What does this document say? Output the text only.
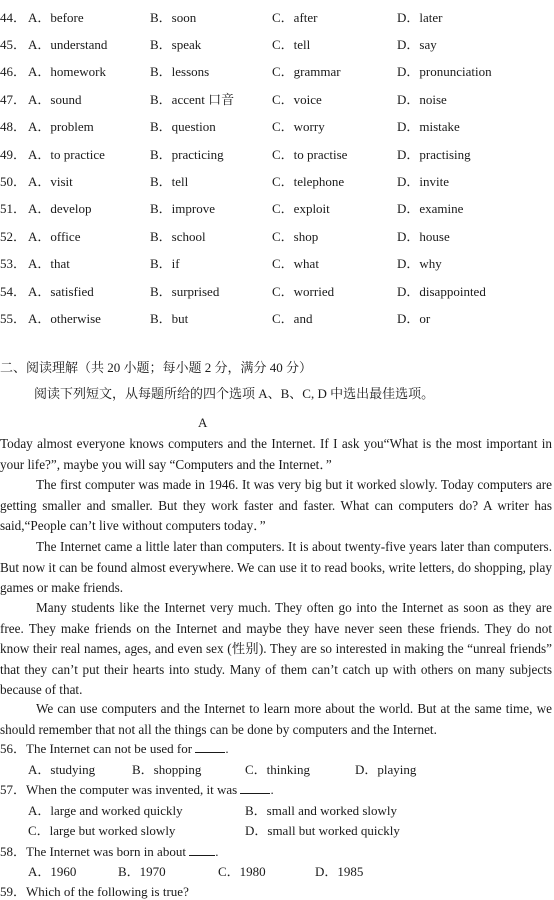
44． A．before	B．soon	C．after	D．later
45． A．understand	B．speak	C．tell	D．say
46． A．homework	B．lessons	C．grammar	D．pronunciation
47． A．sound	B．accent 口音	C．voice	D．noise
48． A．problem	B．question	C．worry	D．mistake
49． A．to practice	B．practicing	C．to practise	D．practising
50． A．visit	B．tell	C．telephone	D．invite
51． A．develop	B．improve	C．exploit	D．examine
52． A．office	B．school	C．shop	D．house
53． A．that	B．if	C．what	D．why
54． A．satisfied	B．surprised	C．worried	D．disappointed
55． A．otherwise	B．but	C．and	D．or
二、阅读理解（共 20 小题；每小题 2 分，满分 40 分）
阅读下列短文，从每题所给的四个选项 A、B、C, D 中选出最佳选项。
A
Today almost everyone knows computers and the Internet. If I ask you“What is the most important in your life?”, maybe you will say “Computers and the Internet．”
The first computer was made in 1946. It was very big but it worked slowly. Today computers are getting smaller and smaller. But they work faster and faster. What can computers do? A writer has said,“People can’t live without computers today．”
The Internet came a little later than computers. It is about twenty-five years later than computers. But now it can be found almost everywhere. We can use it to read books, write letters, do shopping, play games or make friends.
Many students like the Internet very much. They often go into the Internet as soon as they are free. They make friends on the Internet and maybe they have never seen these friends. They do not know their real names, ages, and even sex (性别). They are so interested in making the “unreal friends” that they can’t put their hearts into study. Many of them can’t catch up with others on many subjects because of that.
We can use computers and the Internet to learn more about the world. But at the same time, we should remember that not all the things can be done by computers and the Internet.
56．The Internet can not be used for	.
A．studying	B．shopping	C．thinking	D．playing
57．When the computer was invented, it was	.
A．large and worked quickly	B．small and worked slowly
C．large but worked slowly	D．small but worked quickly
58．The Internet was born in about .
A．1960	B．1970	C．1980	D．1985
59．Which of the following is true?
